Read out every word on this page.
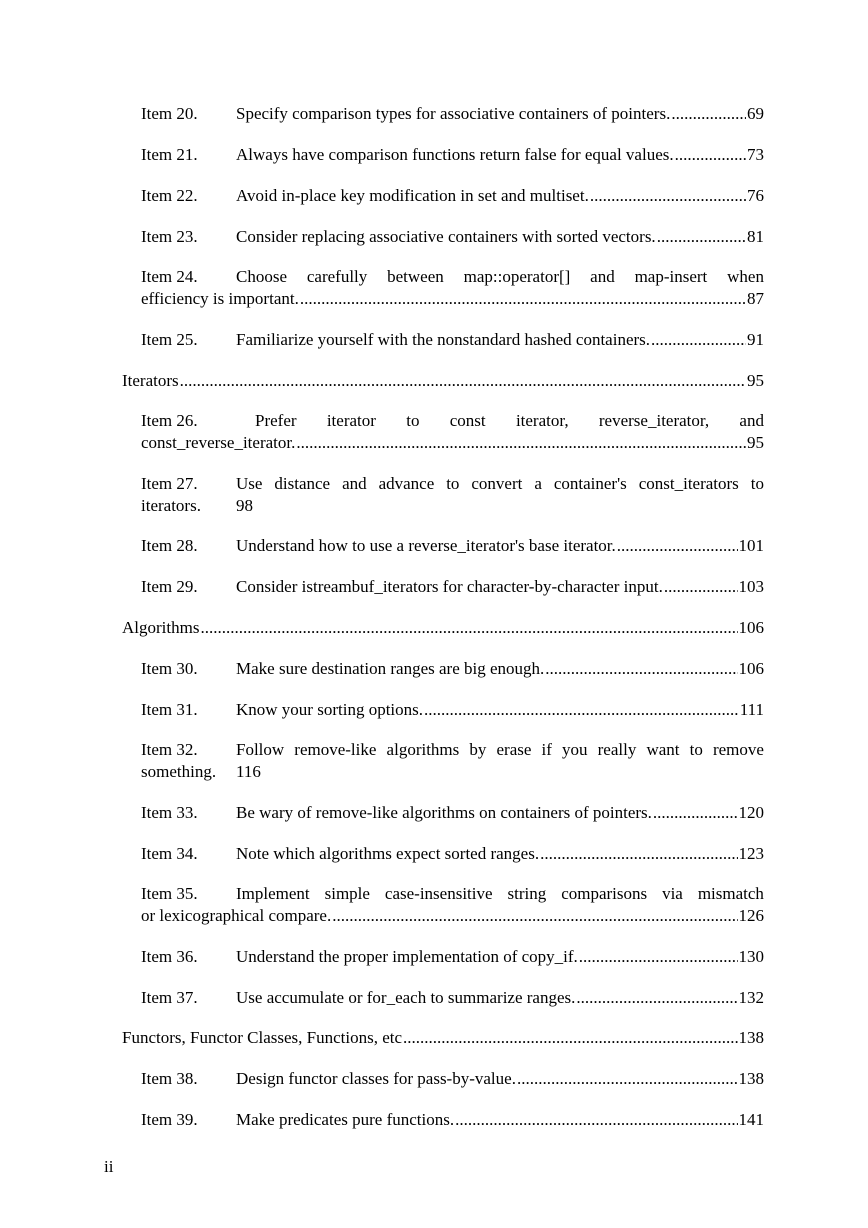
Item 20.	Specify comparison types for associative containers of pointers. .....	69
Item 21.	Always have comparison functions return false for equal values. .....	73
Item 22.	Avoid in-place key modification in set and multiset. .....	76
Item 23.	Consider replacing associative containers with sorted vectors. .....	81
Item 24.	Choose carefully between map::operator[] and map-insert when
efficiency is important. .....	87
Item 25.	Familiarize yourself with the nonstandard hashed containers. .....	91
Iterators .....	95
Item 26.	Prefer iterator to const iterator, reverse_iterator, and
const_reverse_iterator. .....	95
Item 27.	Use distance and advance to convert a container's const_iterators to
iterators.	98
Item 28.	Understand how to use a reverse_iterator's base iterator. .....	101
Item 29.	Consider istreambuf_iterators for character-by-character input. .....	103
Algorithms .....	106
Item 30.	Make sure destination ranges are big enough. .....	106
Item 31.	Know your sorting options. .....	111
Item 32.	Follow remove-like algorithms by erase if you really want to remove
something.	116
Item 33.	Be wary of remove-like algorithms on containers of pointers. .....	120
Item 34.	Note which algorithms expect sorted ranges. .....	123
Item 35.	Implement simple case-insensitive string comparisons via mismatch
or lexicographical compare. .....	126
Item 36.	Understand the proper implementation of copy_if. .....	130
Item 37.	Use accumulate or for_each to summarize ranges. .....	132
Functors, Functor Classes, Functions, etc .....	138
Item 38.	Design functor classes for pass-by-value. .....	138
Item 39.	Make predicates pure functions. .....	141
ii
